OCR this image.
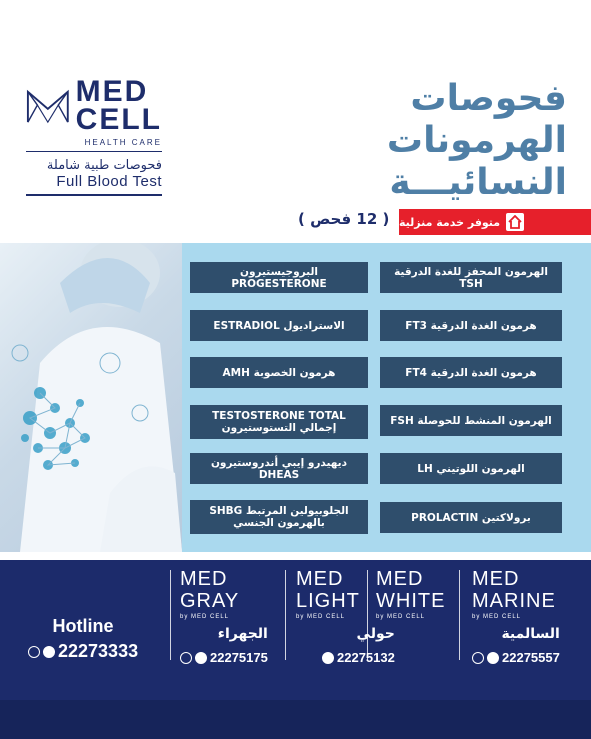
MED
CELL
HEALTH CARE
فحوصات طبية شاملة
Full Blood Test
فحوصات
الهرمونات
النسائيـــة
متوفر خدمة منزلية
( 12 فحص )
البروجيستيرون PROGESTERONE
الاستراديول ESTRADIOL
هرمون الخصوبة AMH
TESTOSTERONE TOTAL إجمالي التستوستيرون
ديهيدرو إيبي أندروستيرون DHEAS
الجلوبيولين المرتبط SHBG بالهرمون الجنسي
الهرمون المحفز للغدة الدرقية TSH
هرمون الغدة الدرقية FT3
هرمون الغدة الدرقية FT4
الهرمون المنشط للحوصلة FSH
الهرمون اللوتيني LH
برولاكتين PROLACTIN
MED
GRAY
by MED CELL
الجهراء
22275175
MED
LIGHT
by MED CELL
MED
WHITE
by MED CELL
حولي
22275132
MED
MARINE
by MED CELL
السالمية
22275557
Hotline
22273333
